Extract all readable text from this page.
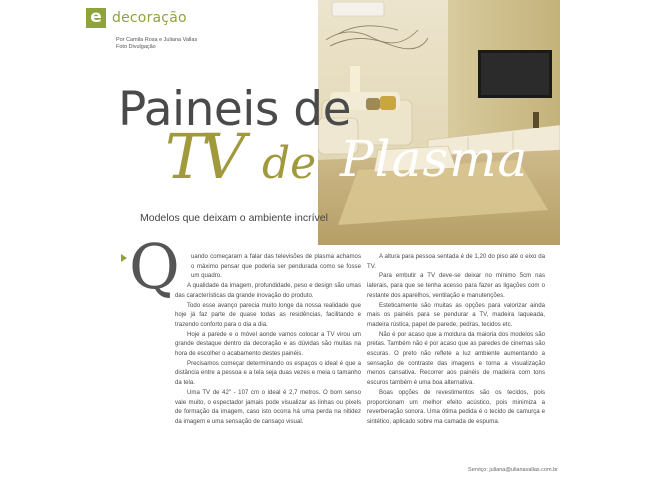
e decoração
Por Camila Rosa e Juliana Vallas
Foto Divulgação
Paineis de
TV de Plasma
Modelos que deixam o ambiente incrível
Q	uando começaram a falar das televisões de plasma achamos o máximo pensar que poderia ser pendurada como se fosse um quadro.

A qualidade da imagem, profundidade, peso e design são umas das características da grande inovação do produto.

Todo esse avanço parecia muito longe da nossa realidade que hoje já faz parte de quase todas as residências, facilitando e trazendo conforto para o dia a dia.

Hoje a parede e o móvel aonde vamos colocar a TV virou um grande destaque dentro da decoração e as dúvidas são muitas na hora de escolher o acabamento destes painéis.

Precisamos começar determinando os espaços o ideal é que a distância entre a pessoa e a tela seja duas vezes e meia o tamanho da tela.

Uma TV de 42" - 107 cm o ideal é 2,7 metros. O bom senso vale muito, o espectador jamais pode visualizar as linhas ou pixels de formação da imagem, caso isto ocorra há uma perda na nitidez da imagem e uma sensação de cansaço visual.

A altura para pessoa sentada é de 1,20 do piso até o eixo da TV.

Para embutir a TV deve-se deixar no mínimo 5cm nas laterais, para que se tenha acesso para fazer as ligações com o restante dos aparelhos, ventilação e manutenções.

Esteticamente são muitas as opções para valorizar ainda mais os painéis para se pendurar a TV, madeira laqueada, madeira rústica, papel de parede, pedras, tecidos etc.

Não é por acaso que a moldura da maioria dos modelos são pretas. Também não é por acaso que as paredes de cinemas são escuras. O preto não reflete a luz ambiente aumentando a sensação de contraste das imagens e torna a visualização menos cansativa. Recorrer aos painéis de madeira com tons escuros também é uma boa alternativa.

Boas opções de revestimentos são os tecidos, pois proporcionam um melhor efeito acústico, pois minimiza a reverberação sonora. Uma ótima pedida é o tecido de camurça e sintético, aplicado sobre ma camada de espuma.

Serviço: juliana@ulianavallas.com.br
